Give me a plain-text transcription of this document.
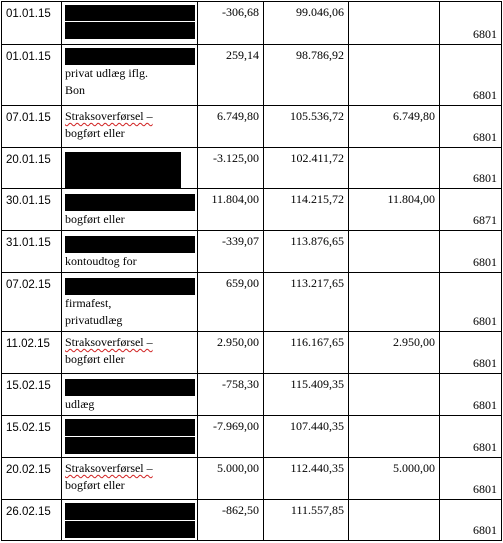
01.01.15		-306,68	99.046,06		6801
01.01.15	privat udlæg iflg.
Bon	259,14	98.786,92		6801
07.01.15	Straksoverførsel –
bogført eller	6.749,80	105.536,72	6.749,80	6801
20.01.15		-3.125,00	102.411,72		6801
30.01.15	bogført eller	11.804,00	114.215,72	11.804,00	6871
31.01.15	kontoudtog for	-339,07	113.876,65		6801
07.02.15	firmafest,
privatudlæg	659,00	113.217,65		6801
11.02.15	Straksoverførsel –
bogført eller	2.950,00	116.167,65	2.950,00	6801
15.02.15	udlæg	-758,30	115.409,35		6801
15.02.15		-7.969,00	107.440,35		6801
20.02.15	Straksoverførsel –
bogført eller	5.000,00	112.440,35	5.000,00	6801
26.02.15		-862,50	111.557,85		6801
